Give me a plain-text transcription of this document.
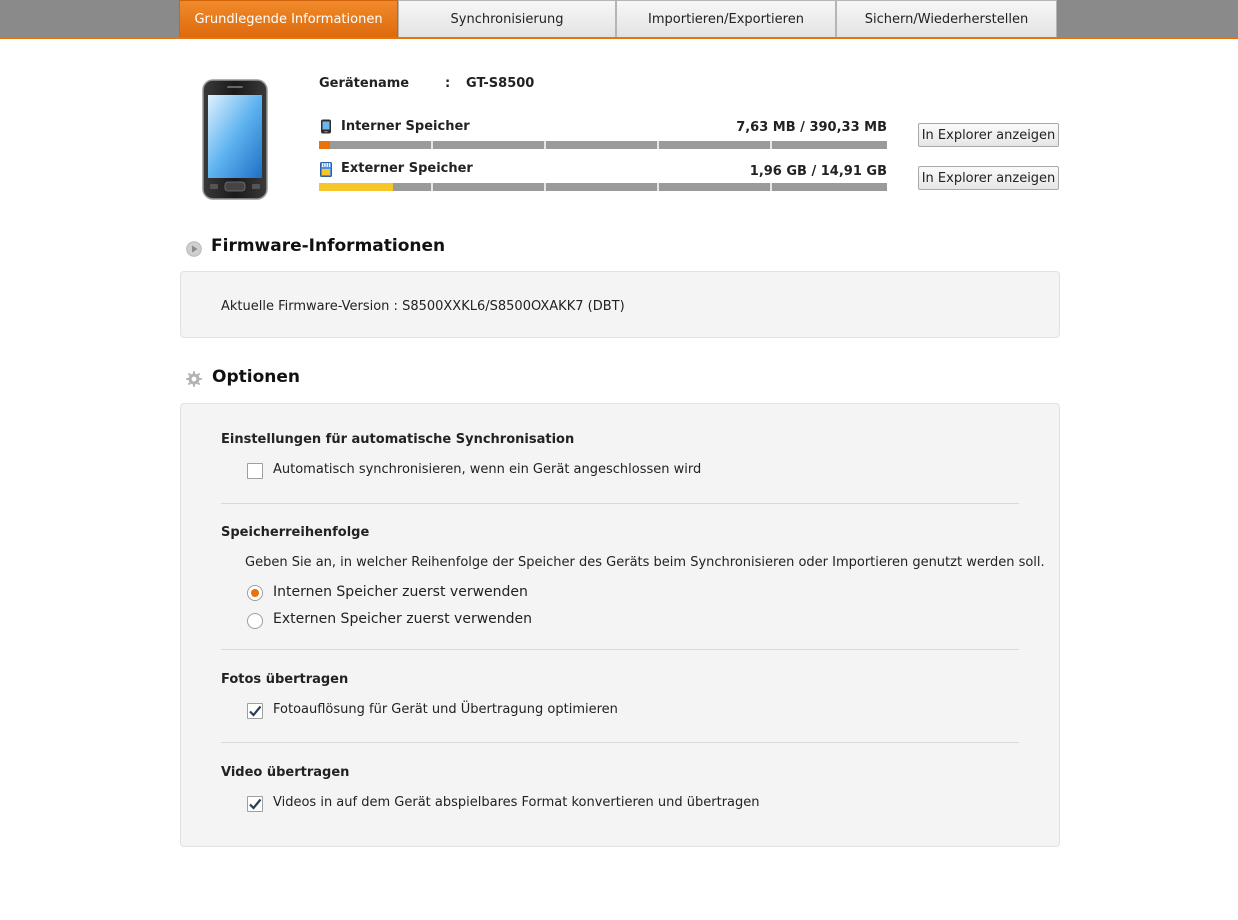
Grundlegende Informationen	Synchronisierung	Importieren/Exportieren	Sichern/Wiederherstellen
Gerätename	: GT-S8500
Interner Speicher	7,63 MB / 390,33 MB	In Explorer anzeigen
Externer Speicher	1,96 GB / 14,91 GB	In Explorer anzeigen
Firmware-Informationen
Aktuelle Firmware-Version : S8500XXKL6/S8500OXAKK7 (DBT)
Optionen
Einstellungen für automatische Synchronisation
Automatisch synchronisieren, wenn ein Gerät angeschlossen wird
Speicherreihenfolge
Geben Sie an, in welcher Reihenfolge der Speicher des Geräts beim Synchronisieren oder Importieren genutzt werden soll.
Internen Speicher zuerst verwenden
Externen Speicher zuerst verwenden
Fotos übertragen
Fotoauflösung für Gerät und Übertragung optimieren
Video übertragen
Videos in auf dem Gerät abspielbares Format konvertieren und übertragen
